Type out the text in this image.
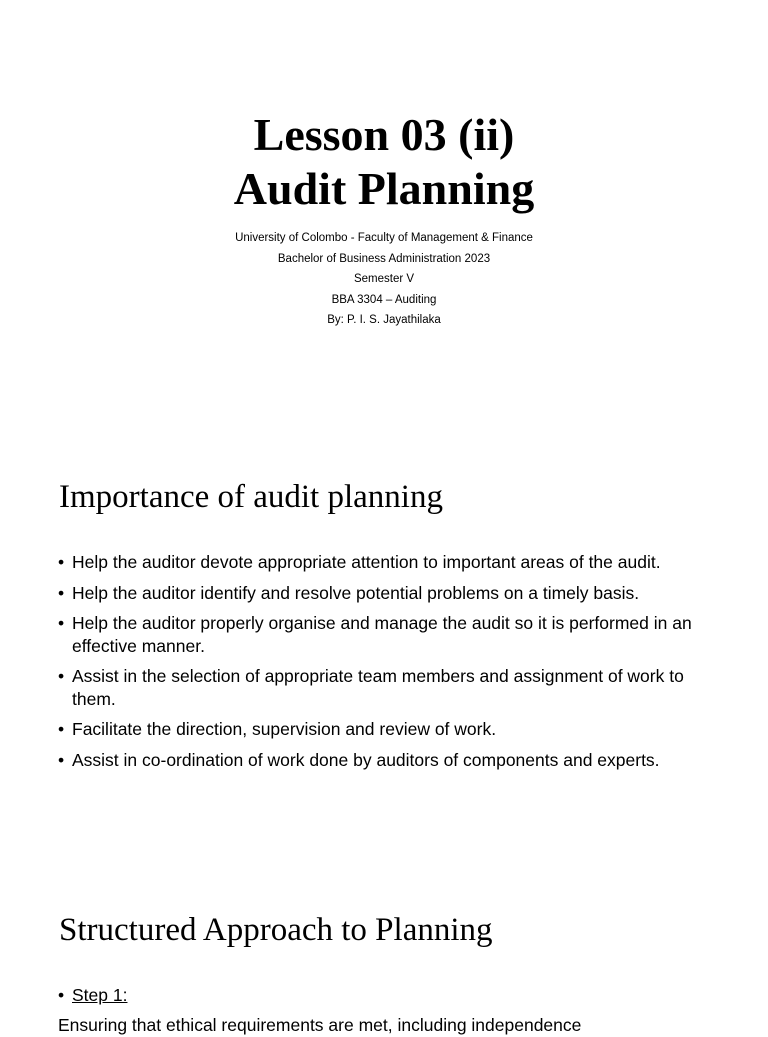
Lesson 03 (ii)
Audit Planning
University of Colombo - Faculty of Management & Finance
Bachelor of Business Administration 2023
Semester V
BBA 3304 – Auditing
By: P. I. S. Jayathilaka
Importance of audit planning
• Help the auditor devote appropriate attention to important areas of the audit.
• Help the auditor identify and resolve potential problems on a timely basis.
• Help the auditor properly organise and manage the audit so it is performed in an effective manner.
• Assist in the selection of appropriate team members and assignment of work to them.
• Facilitate the direction, supervision and review of work.
• Assist in co-ordination of work done by auditors of components and experts.
Structured Approach to Planning
• Step 1:
Ensuring that ethical requirements are met, including independence
